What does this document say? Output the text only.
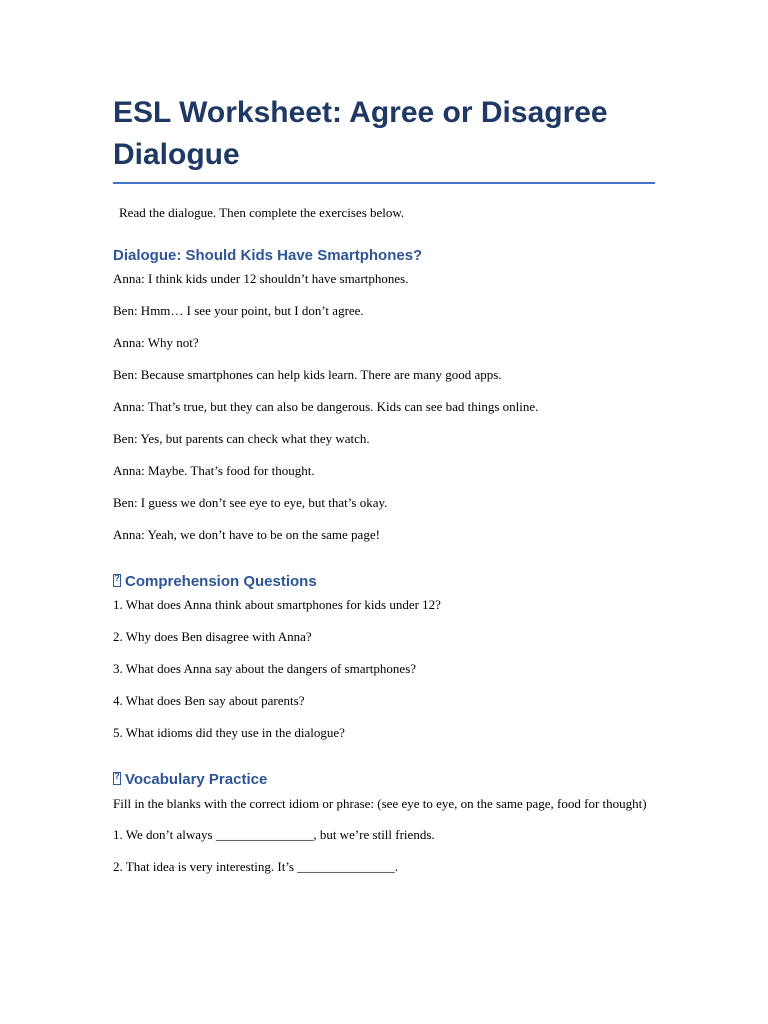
ESL Worksheet: Agree or Disagree Dialogue

Read the dialogue. Then complete the exercises below.

Dialogue: Should Kids Have Smartphones?

Anna: I think kids under 12 shouldn’t have smartphones.

Ben: Hmm… I see your point, but I don’t agree.

Anna: Why not?

Ben: Because smartphones can help kids learn. There are many good apps.

Anna: That’s true, but they can also be dangerous. Kids can see bad things online.

Ben: Yes, but parents can check what they watch.

Anna: Maybe. That’s food for thought.

Ben: I guess we don’t see eye to eye, but that’s okay.

Anna: Yeah, we don’t have to be on the same page!

?Comprehension Questions

1. What does Anna think about smartphones for kids under 12?

2. Why does Ben disagree with Anna?

3. What does Anna say about the dangers of smartphones?

4. What does Ben say about parents?

5. What idioms did they use in the dialogue?

?Vocabulary Practice

Fill in the blanks with the correct idiom or phrase: (see eye to eye, on the same page, food for thought)

1. We don’t always _______________, but we’re still friends.

2. That idea is very interesting. It’s _______________.
